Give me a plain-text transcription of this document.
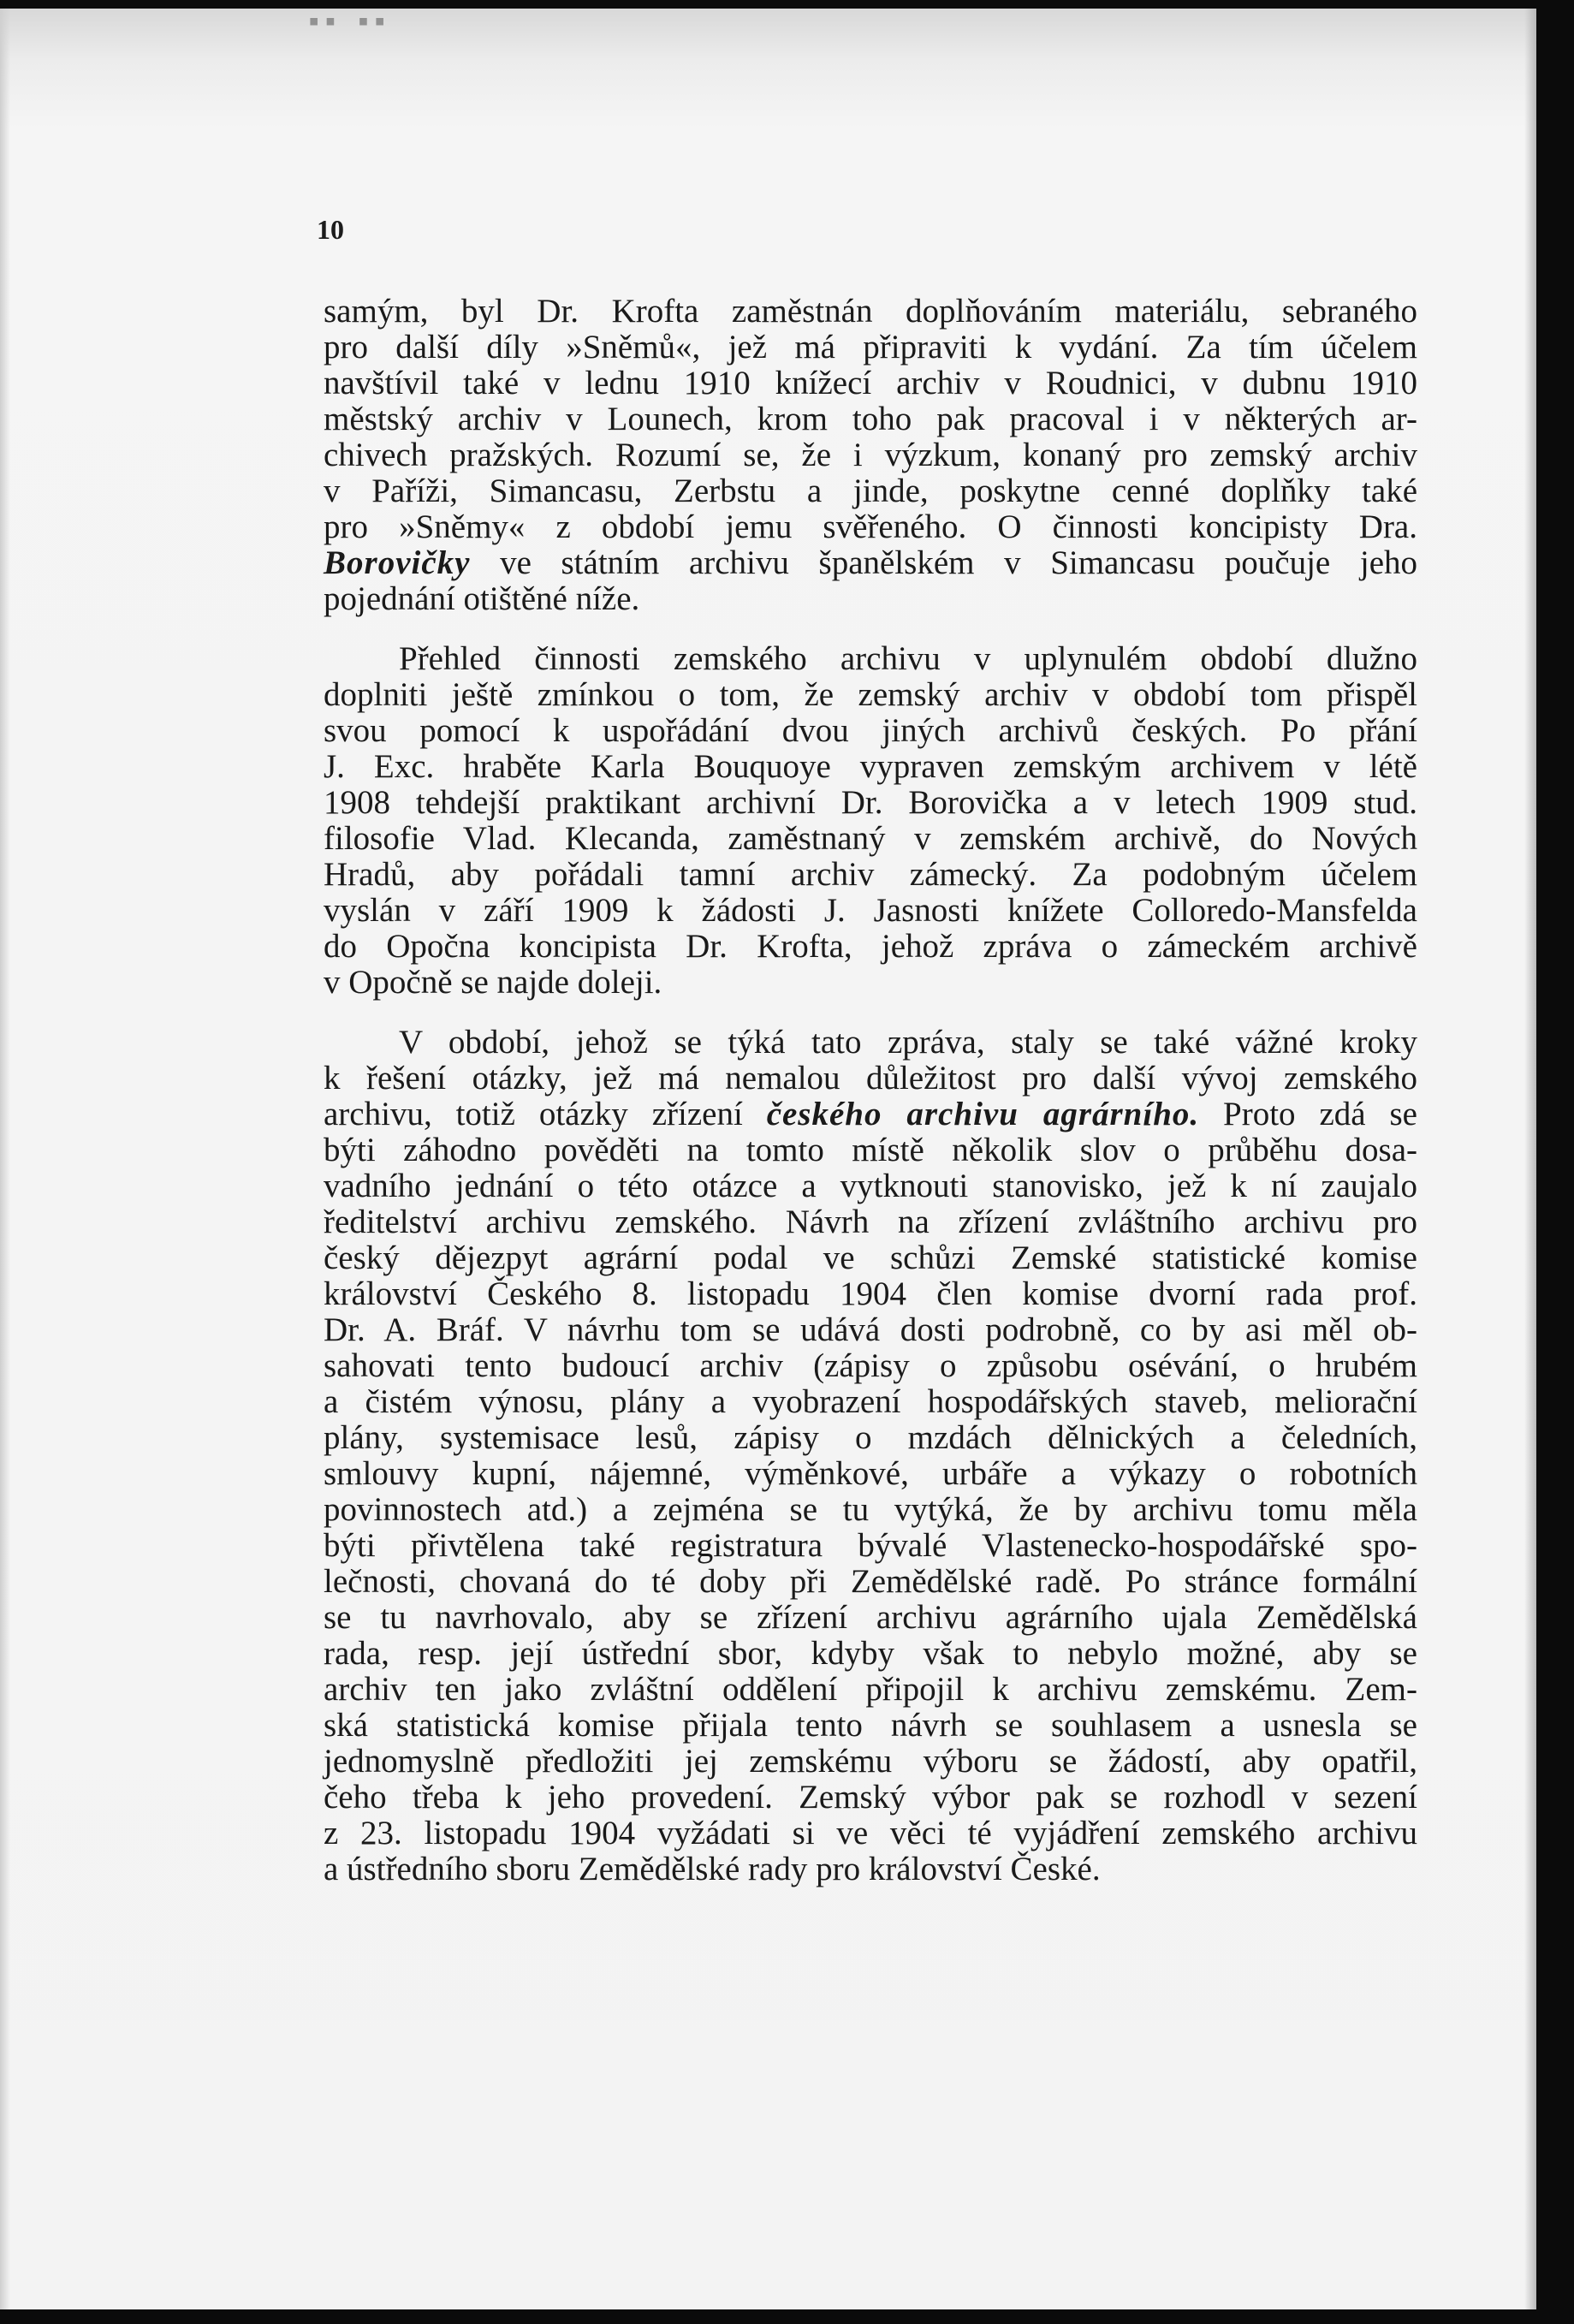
▪▪ ▪▪
10
samým, byl Dr. Krofta zaměstnán doplňováním materiálu, sebraného
pro další díly »Sněmů«, jež má připraviti k vydání. Za tím účelem
navštívil také v lednu 1910 knížecí archiv v Roudnici, v dubnu 1910
městský archiv v Lounech, krom toho pak pracoval i v některých ar-
chivech pražských. Rozumí se, že i výzkum, konaný pro zemský archiv
v Paříži, Simancasu, Zerbstu a jinde, poskytne cenné doplňky také
pro »Sněmy« z období jemu svěřeného. O činnosti koncipisty Dra.
Borovičky ve státním archivu španělském v Simancasu poučuje jeho
pojednání otištěné níže.
Přehled činnosti zemského archivu v uplynulém období dlužno
doplniti ještě zmínkou o tom, že zemský archiv v období tom přispěl
svou pomocí k uspořádání dvou jiných archivů českých. Po přání
J. Exc. hraběte Karla Bouquoye vypraven zemským archivem v létě
1908 tehdejší praktikant archivní Dr. Borovička a v letech 1909 stud.
filosofie Vlad. Klecanda, zaměstnaný v zemském archivě, do Nových
Hradů, aby pořádali tamní archiv zámecký. Za podobným účelem
vyslán v září 1909 k žádosti J. Jasnosti knížete Colloredo-Mansfelda
do Opočna koncipista Dr. Krofta, jehož zpráva o zámeckém archivě
v Opočně se najde doleji.
V období, jehož se týká tato zpráva, staly se také vážné kroky
k řešení otázky, jež má nemalou důležitost pro další vývoj zemského
archivu, totiž otázky zřízení českého archivu agrárního. Proto zdá se
býti záhodno pověděti na tomto místě několik slov o průběhu dosa-
vadního jednání o této otázce a vytknouti stanovisko, jež k ní zaujalo
ředitelství archivu zemského. Návrh na zřízení zvláštního archivu pro
český dějezpyt agrární podal ve schůzi Zemské statistické komise
království Českého 8. listopadu 1904 člen komise dvorní rada prof.
Dr. A. Bráf. V návrhu tom se udává dosti podrobně, co by asi měl ob-
sahovati tento budoucí archiv (zápisy o způsobu osévání, o hrubém
a čistém výnosu, plány a vyobrazení hospodářských staveb, meliorační
plány, systemisace lesů, zápisy o mzdách dělnických a čeledních,
smlouvy kupní, nájemné, výměnkové, urbáře a výkazy o robotních
povinnostech atd.) a zejména se tu vytýká, že by archivu tomu měla
býti přivtělena také registratura bývalé Vlastenecko-hospodářské spo-
lečnosti, chovaná do té doby při Zemědělské radě. Po stránce formální
se tu navrhovalo, aby se zřízení archivu agrárního ujala Zemědělská
rada, resp. její ústřední sbor, kdyby však to nebylo možné, aby se
archiv ten jako zvláštní oddělení připojil k archivu zemskému. Zem-
ská statistická komise přijala tento návrh se souhlasem a usnesla se
jednomyslně předložiti jej zemskému výboru se žádostí, aby opatřil,
čeho třeba k jeho provedení. Zemský výbor pak se rozhodl v sezení
z 23. listopadu 1904 vyžádati si ve věci té vyjádření zemského archivu
a ústředního sboru Zemědělské rady pro království České.
